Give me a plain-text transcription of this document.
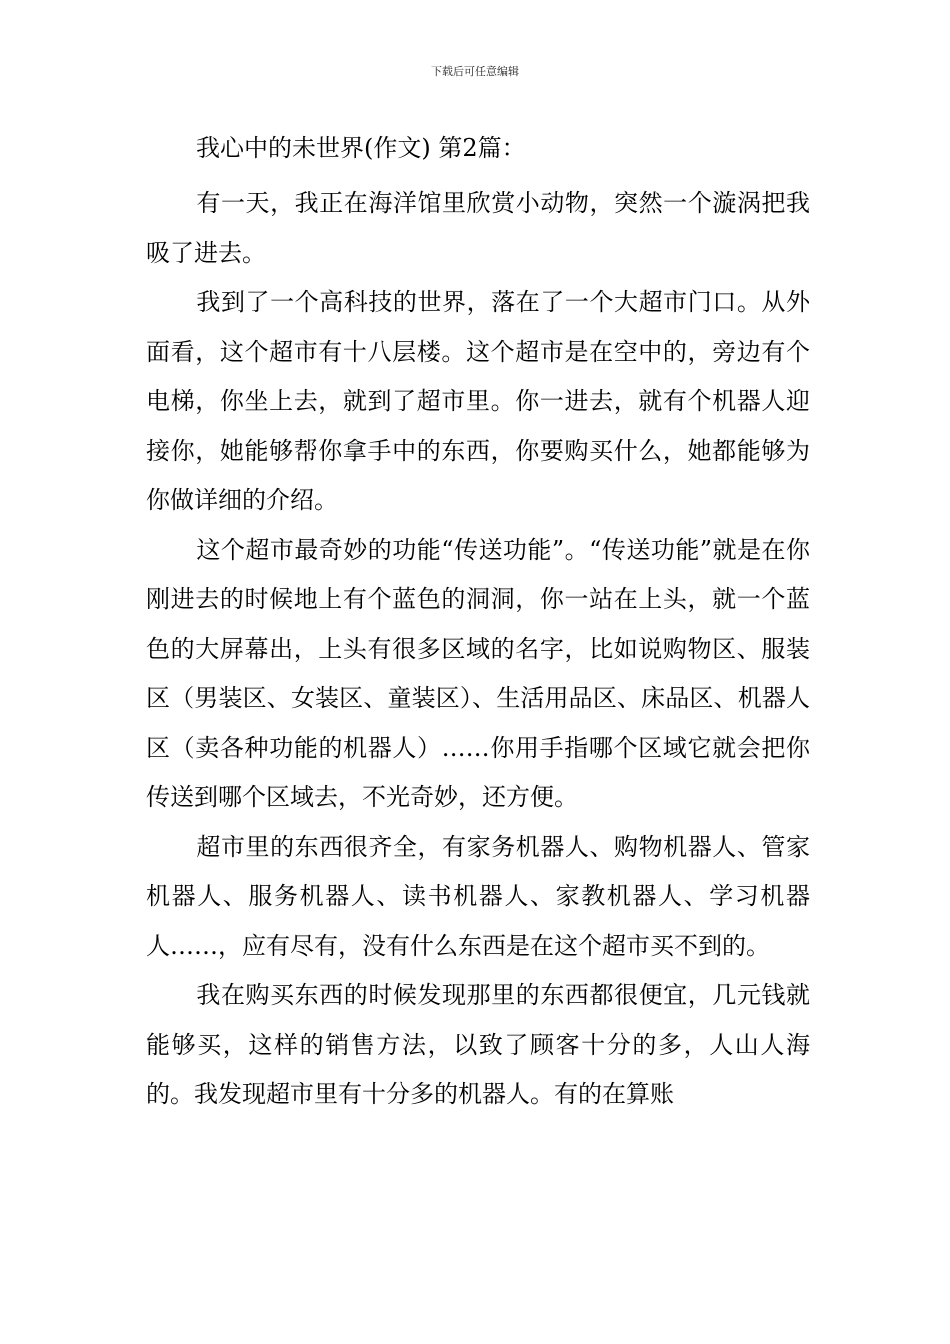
下载后可任意编辑
我心中的未世界(作文) 第2篇：

有一天，我正在海洋馆里欣赏小动物，突然一个漩涡把我吸了进去。

我到了一个高科技的世界，落在了一个大超市门口。从外面看，这个超市有十八层楼。这个超市是在空中的，旁边有个电梯，你坐上去，就到了超市里。你一进去，就有个机器人迎接你，她能够帮你拿手中的东西，你要购买什么，她都能够为你做详细的介绍。

这个超市最奇妙的功能“传送功能”。“传送功能”就是在你刚进去的时候地上有个蓝色的洞洞，你一站在上头，就一个蓝色的大屏幕出，上头有很多区域的名字，比如说购物区、服装区（男装区、女装区、童装区）、生活用品区、床品区、机器人区（卖各种功能的机器人）……你用手指哪个区域它就会把你传送到哪个区域去，不光奇妙，还方便。

超市里的东西很齐全，有家务机器人、购物机器人、管家机器人、服务机器人、读书机器人、家教机器人、学习机器人……，应有尽有，没有什么东西是在这个超市买不到的。

我在购买东西的时候发现那里的东西都很便宜，几元钱就能够买，这样的销售方法，以致了顾客十分的多，人山人海的。我发现超市里有十分多的机器人。有的在算账
